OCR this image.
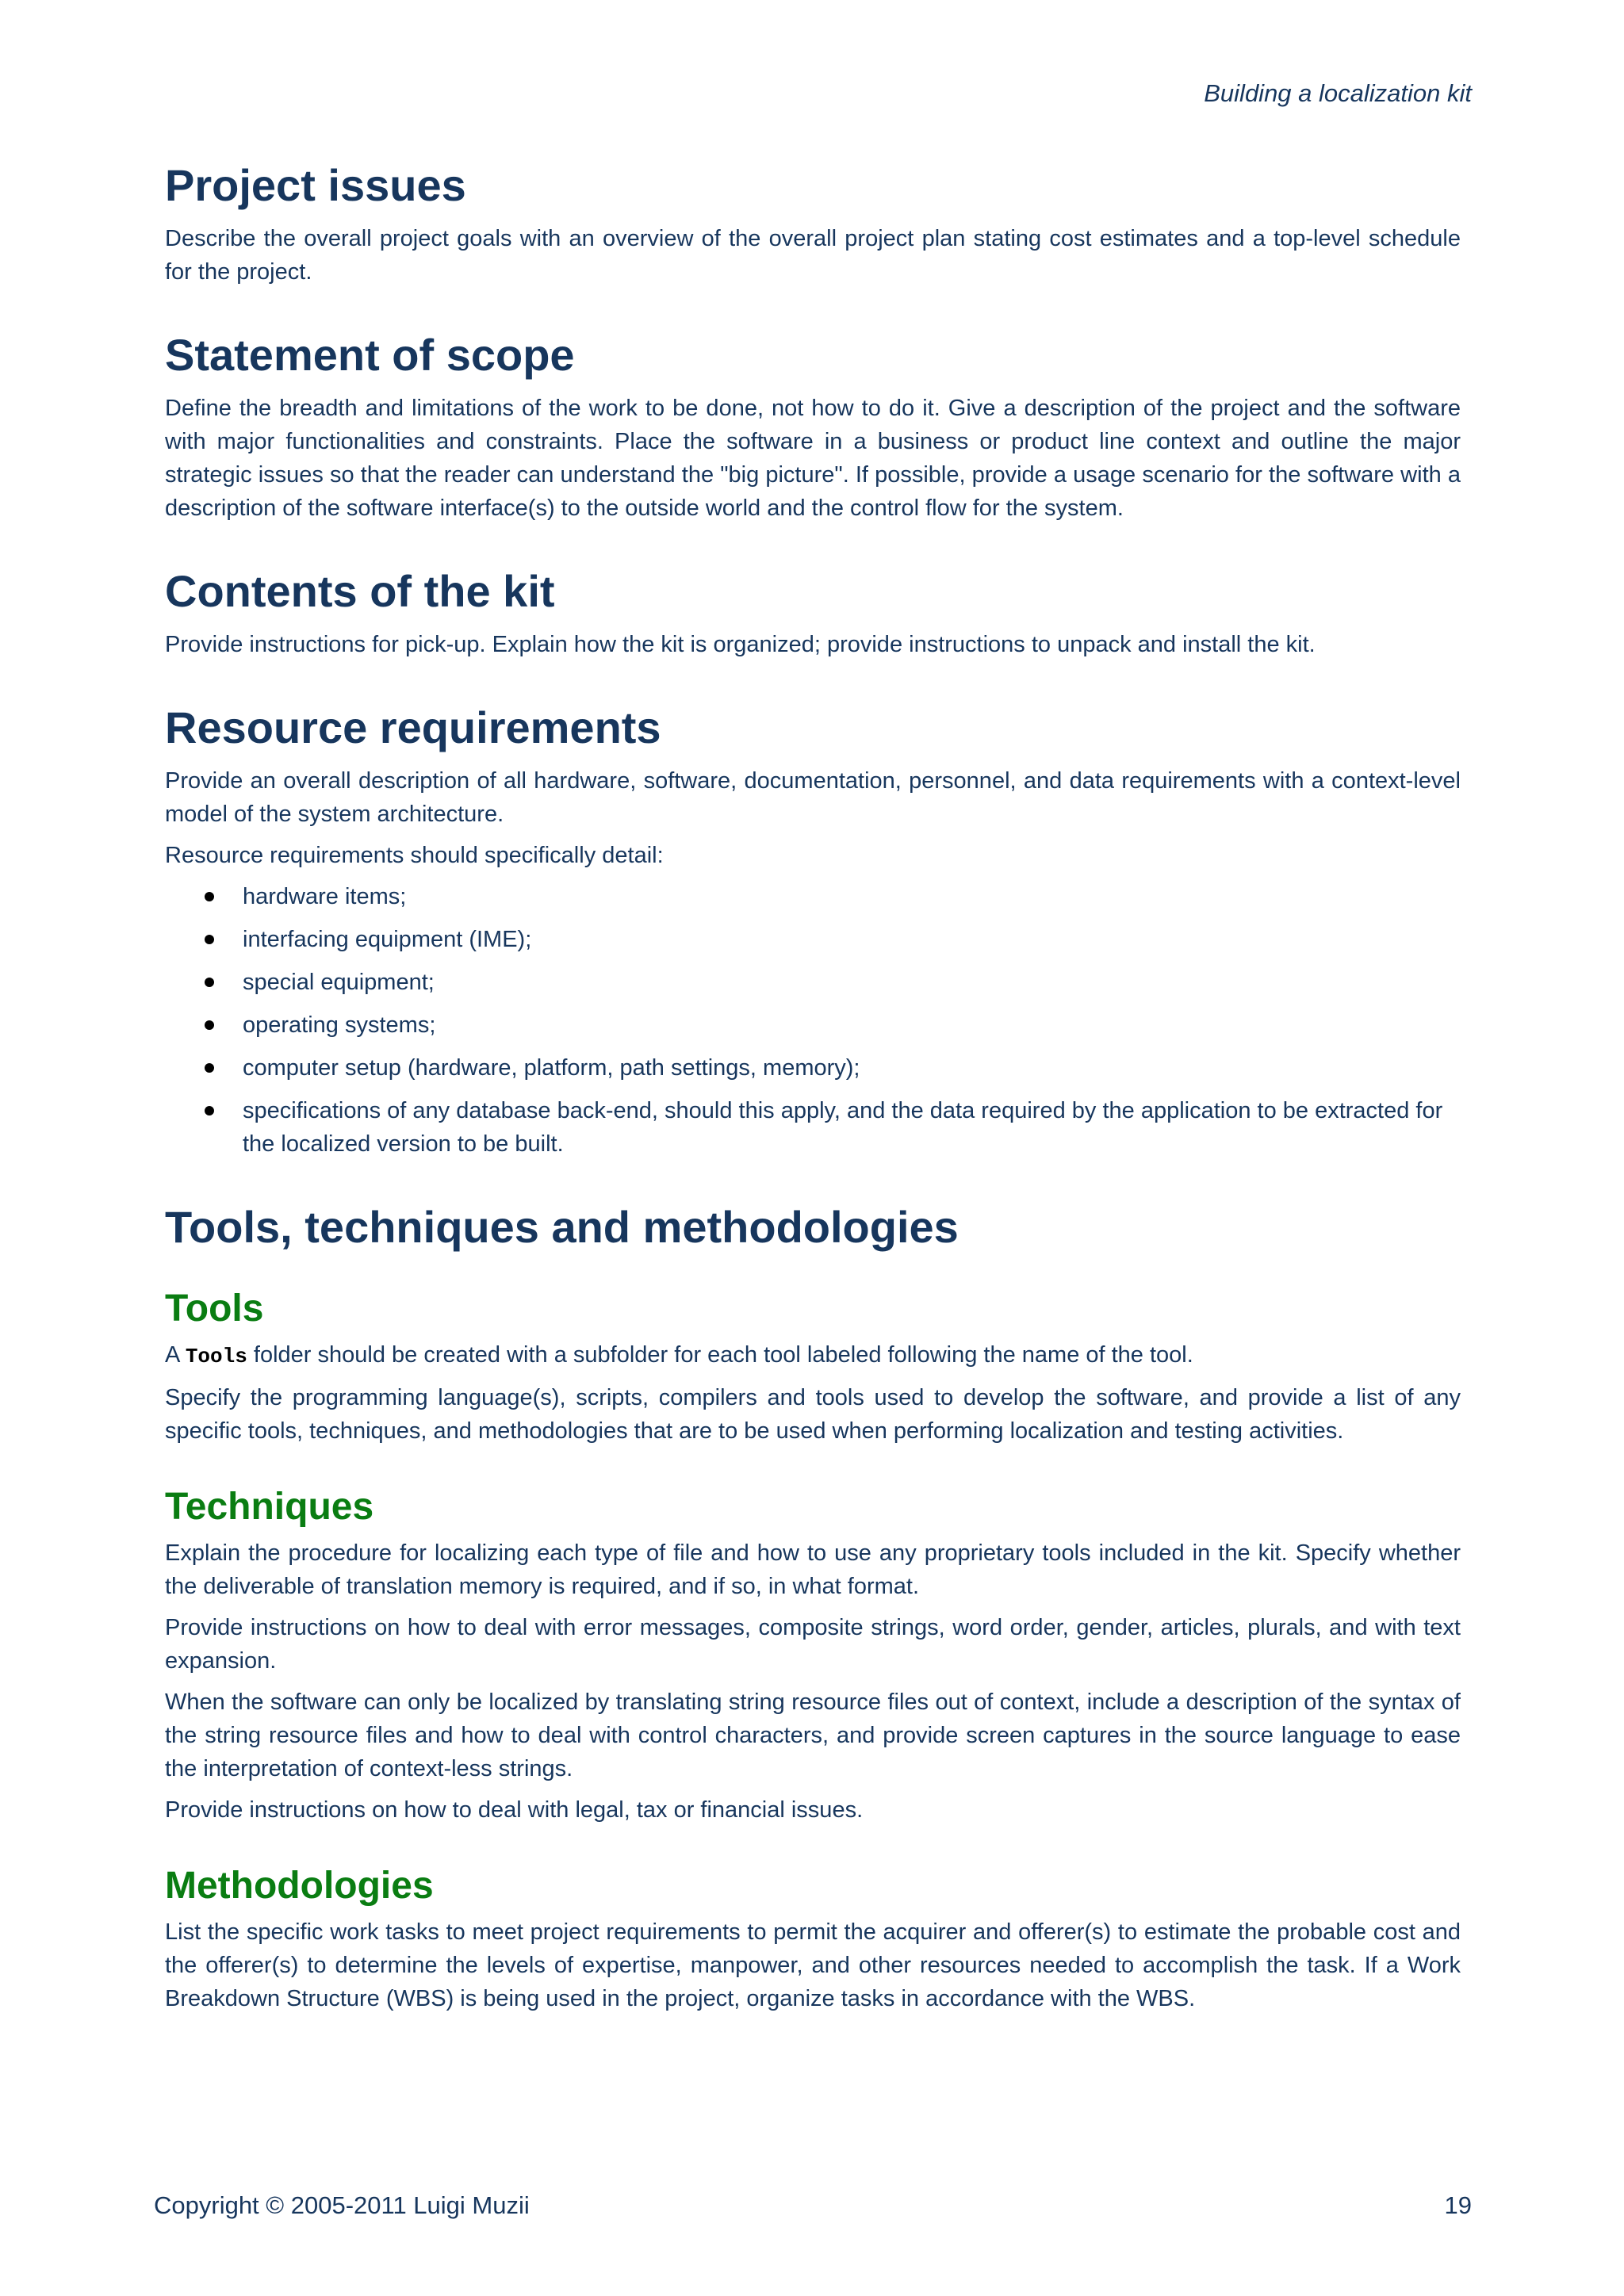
Building a localization kit
Project issues

Describe the overall project goals with an overview of the overall project plan stating cost estimates and a top-level schedule for the project.

Statement of scope

Define the breadth and limitations of the work to be done, not how to do it. Give a description of the project and the software with major functionalities and constraints. Place the software in a business or product line context and outline the major strategic issues so that the reader can understand the "big picture". If possible, provide a usage scenario for the software with a description of the software interface(s) to the outside world and the control flow for the system.

Contents of the kit

Provide instructions for pick-up. Explain how the kit is organized; provide instructions to unpack and install the kit.

Resource requirements

Provide an overall description of all hardware, software, documentation, personnel, and data requirements with a context-level model of the system architecture.

Resource requirements should specifically detail:

hardware items;
interfacing equipment (IME);
special equipment;
operating systems;
computer setup (hardware, platform, path settings, memory);
specifications of any database back-end, should this apply, and the data required by the application to be extracted for the localized version to be built.
Tools, techniques and methodologies
Tools

A Tools folder should be created with a subfolder for each tool labeled following the name of the tool.

Specify the programming language(s), scripts, compilers and tools used to develop the software, and provide a list of any specific tools, techniques, and methodologies that are to be used when performing localization and testing activities.

Techniques

Explain the procedure for localizing each type of file and how to use any proprietary tools included in the kit. Specify whether the deliverable of translation memory is required, and if so, in what format.

Provide instructions on how to deal with error messages, composite strings, word order, gender, articles, plurals, and with text expansion.

When the software can only be localized by translating string resource files out of context, include a description of the syntax of the string resource files and how to deal with control characters, and provide screen captures in the source language to ease the interpretation of context-less strings.

Provide instructions on how to deal with legal, tax or financial issues.

Methodologies

List the specific work tasks to meet project requirements to permit the acquirer and offerer(s) to estimate the probable cost and the offerer(s) to determine the levels of expertise, manpower, and other resources needed to accomplish the task. If a Work Breakdown Structure (WBS) is being used in the project, organize tasks in accordance with the WBS.

Copyright © 2005-2011 Luigi Muzii	19
